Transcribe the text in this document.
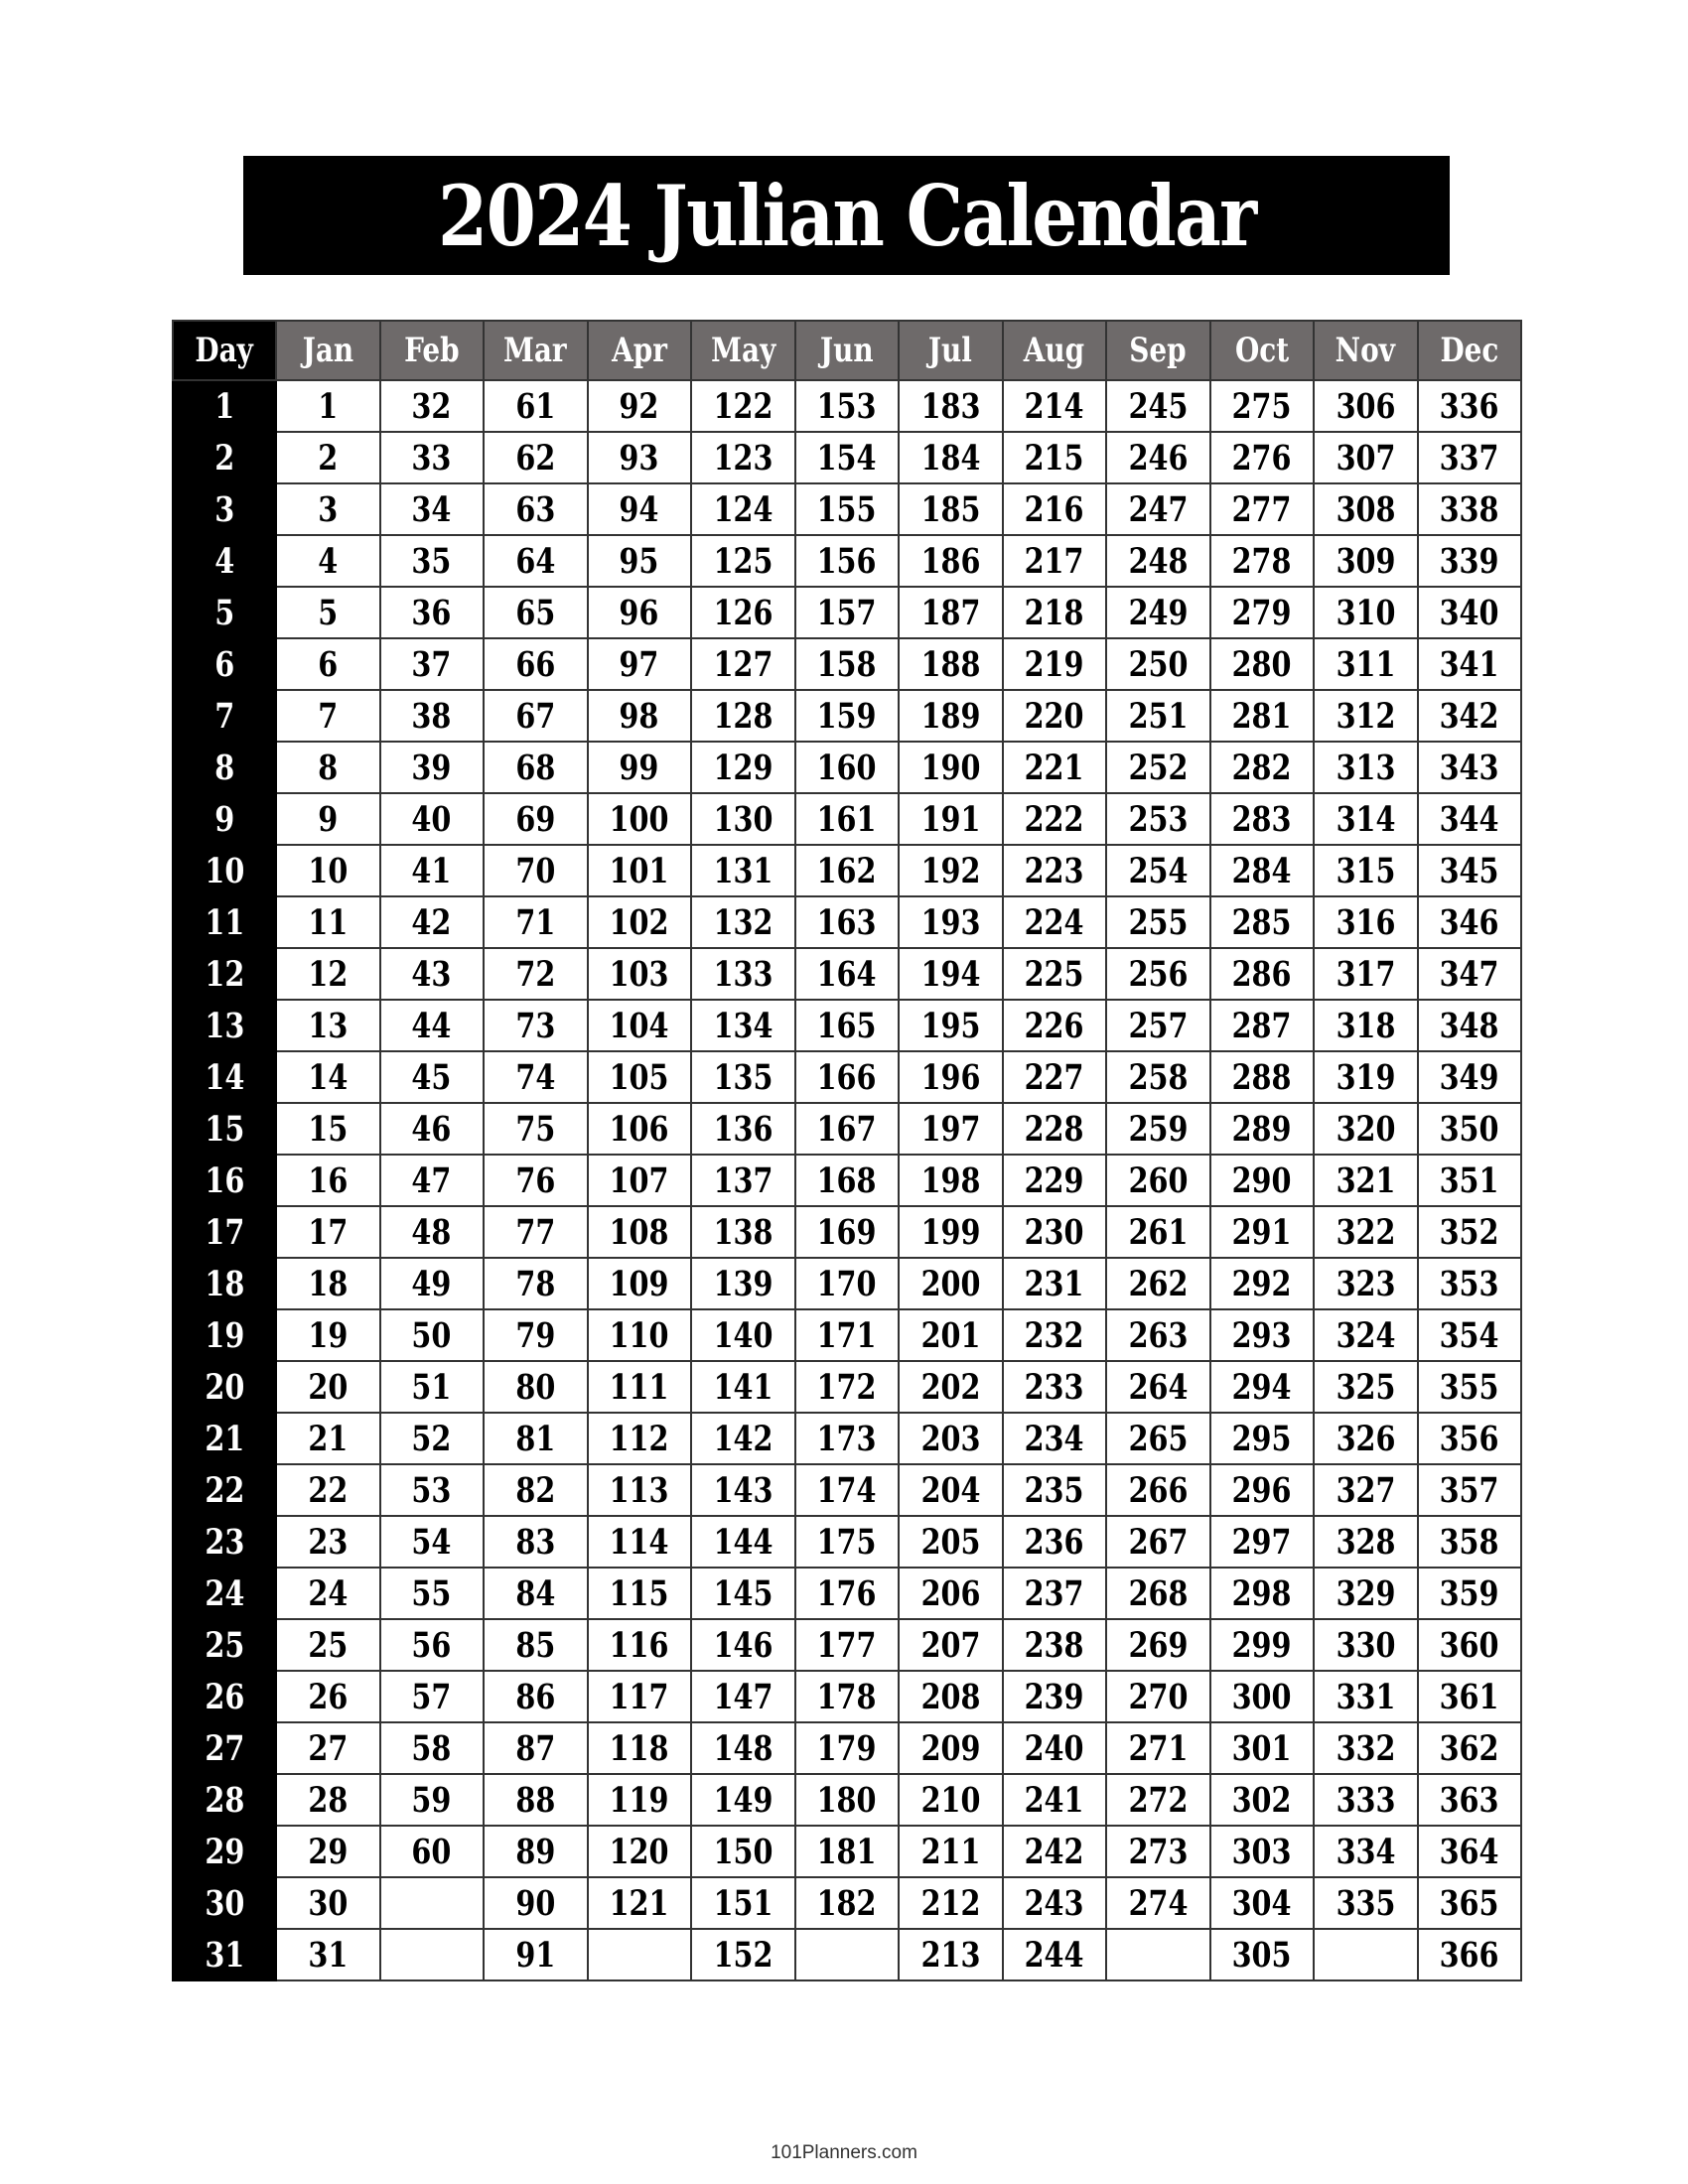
2024 Julian Calendar
Day	Jan	Feb	Mar	Apr	May	Jun	Jul	Aug	Sep	Oct	Nov	Dec
1	1	32	61	92	122	153	183	214	245	275	306	336
2	2	33	62	93	123	154	184	215	246	276	307	337
3	3	34	63	94	124	155	185	216	247	277	308	338
4	4	35	64	95	125	156	186	217	248	278	309	339
5	5	36	65	96	126	157	187	218	249	279	310	340
6	6	37	66	97	127	158	188	219	250	280	311	341
7	7	38	67	98	128	159	189	220	251	281	312	342
8	8	39	68	99	129	160	190	221	252	282	313	343
9	9	40	69	100	130	161	191	222	253	283	314	344
10	10	41	70	101	131	162	192	223	254	284	315	345
11	11	42	71	102	132	163	193	224	255	285	316	346
12	12	43	72	103	133	164	194	225	256	286	317	347
13	13	44	73	104	134	165	195	226	257	287	318	348
14	14	45	74	105	135	166	196	227	258	288	319	349
15	15	46	75	106	136	167	197	228	259	289	320	350
16	16	47	76	107	137	168	198	229	260	290	321	351
17	17	48	77	108	138	169	199	230	261	291	322	352
18	18	49	78	109	139	170	200	231	262	292	323	353
19	19	50	79	110	140	171	201	232	263	293	324	354
20	20	51	80	111	141	172	202	233	264	294	325	355
21	21	52	81	112	142	173	203	234	265	295	326	356
22	22	53	82	113	143	174	204	235	266	296	327	357
23	23	54	83	114	144	175	205	236	267	297	328	358
24	24	55	84	115	145	176	206	237	268	298	329	359
25	25	56	85	116	146	177	207	238	269	299	330	360
26	26	57	86	117	147	178	208	239	270	300	331	361
27	27	58	87	118	148	179	209	240	271	301	332	362
28	28	59	88	119	149	180	210	241	272	302	333	363
29	29	60	89	120	150	181	211	242	273	303	334	364
30	30		90	121	151	182	212	243	274	304	335	365
31	31		91		152		213	244		305		366
101Planners.com
